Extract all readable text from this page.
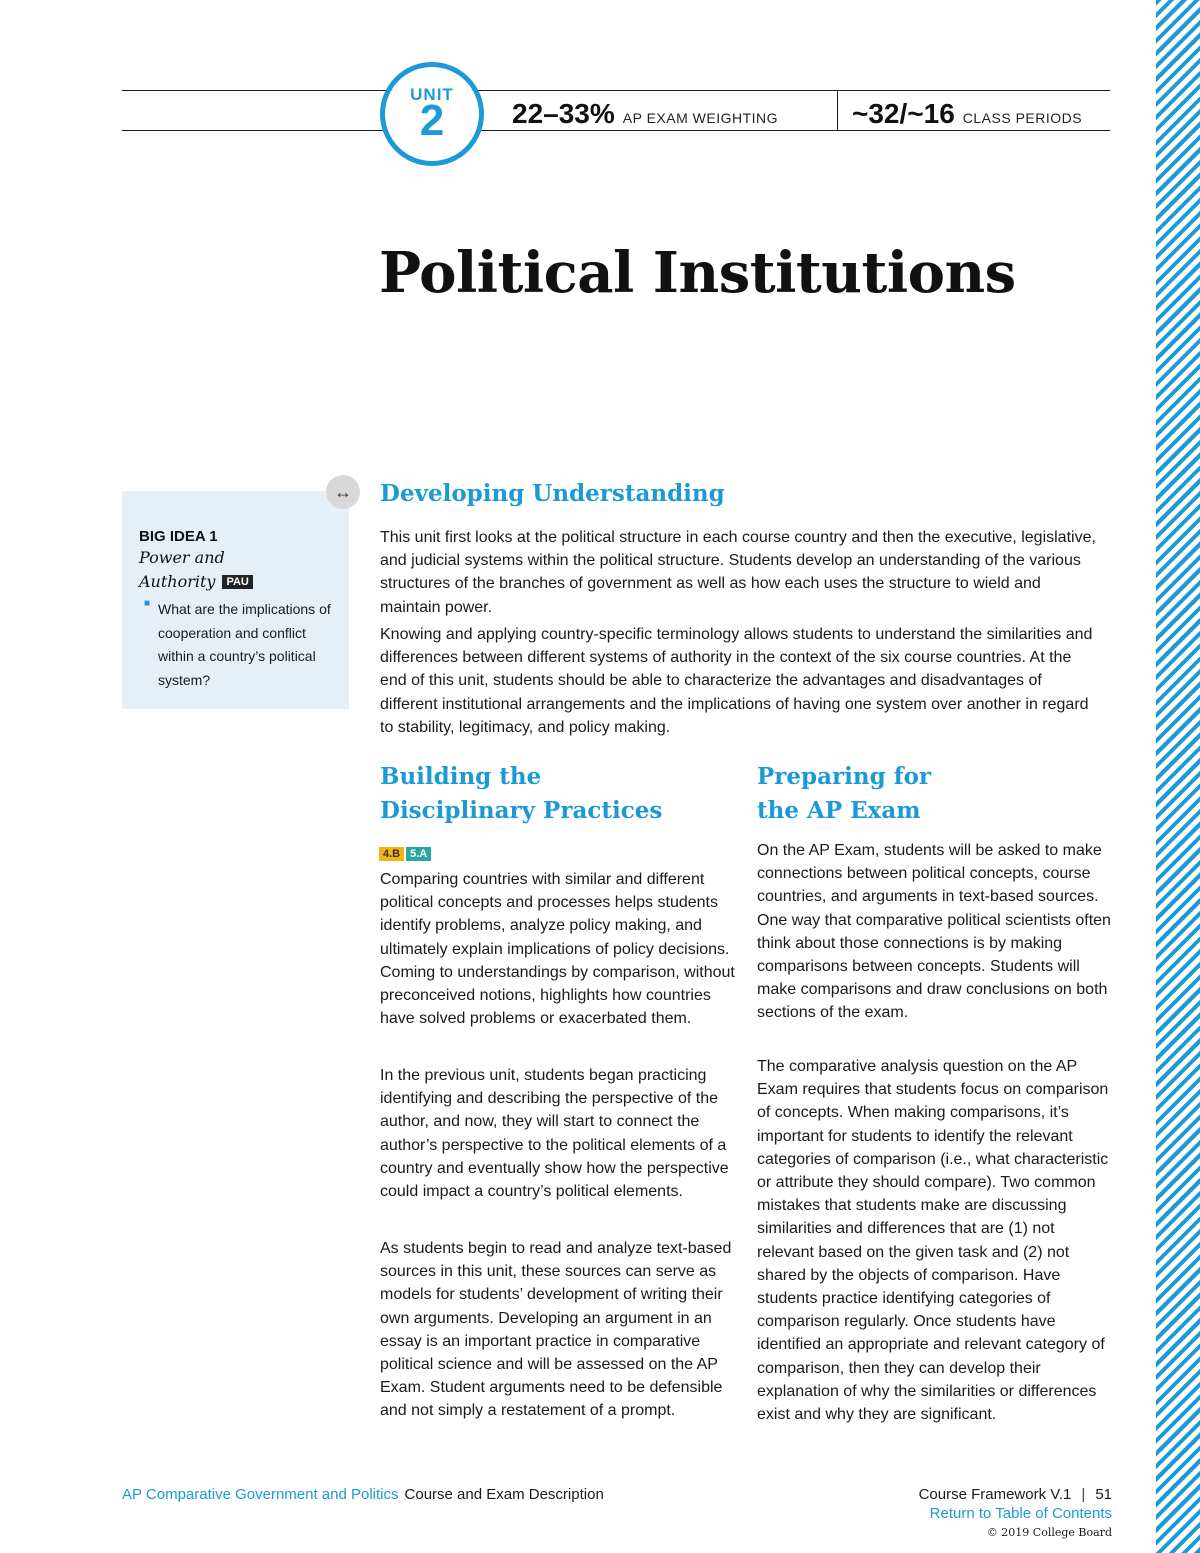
UNIT
2	22–33% AP EXAM WEIGHTING	~32/~16 CLASS PERIODS
Political Institutions
BIG IDEA 1
Power and
Authority PAU
■ What are the implications of cooperation and conflict within a country’s political system?
↔	Developing Understanding

This unit first looks at the political structure in each course country and then the executive, legislative, and judicial systems within the political structure. Students develop an understanding of the various structures of the branches of government as well as how each uses the structure to wield and maintain power.

Knowing and applying country-specific terminology allows students to understand the similarities and differences between different systems of authority in the context of the six course countries. At the end of this unit, students should be able to characterize the advantages and disadvantages of different institutional arrangements and the implications of having one system over another in regard to stability, legitimacy, and policy making.

Building the
Disciplinary Practices
4.B 5.A

Comparing countries with similar and different political concepts and processes helps students identify problems, analyze policy making, and ultimately explain implications of policy decisions. Coming to understandings by comparison, without preconceived notions, highlights how countries have solved problems or exacerbated them.

In the previous unit, students began practicing identifying and describing the perspective of the author, and now, they will start to connect the author’s perspective to the political elements of a country and eventually show how the perspective could impact a country’s political elements.

As students begin to read and analyze text-based sources in this unit, these sources can serve as models for students’ development of writing their own arguments. Developing an argument in an essay is an important practice in comparative political science and will be assessed on the AP Exam. Student arguments need to be defensible and not simply a restatement of a prompt.

Preparing for
the AP Exam

On the AP Exam, students will be asked to make connections between political concepts, course countries, and arguments in text-based sources. One way that comparative political scientists often think about those connections is by making comparisons between concepts. Students will make comparisons and draw conclusions on both sections of the exam.

The comparative analysis question on the AP Exam requires that students focus on comparison of concepts. When making comparisons, it’s important for students to identify the relevant categories of comparison (i.e., what characteristic or attribute they should compare). Two common mistakes that students make are discussing similarities and differences that are (1) not relevant based on the given task and (2) not shared by the objects of comparison. Have students practice identifying categories of comparison regularly. Once students have identified an appropriate and relevant category of comparison, then they can develop their explanation of why the similarities or differences exist and why they are significant.

AP Comparative Government and Politics Course and Exam Description	Course Framework V.1 | 51
Return to Table of Contents
© 2019 College Board
